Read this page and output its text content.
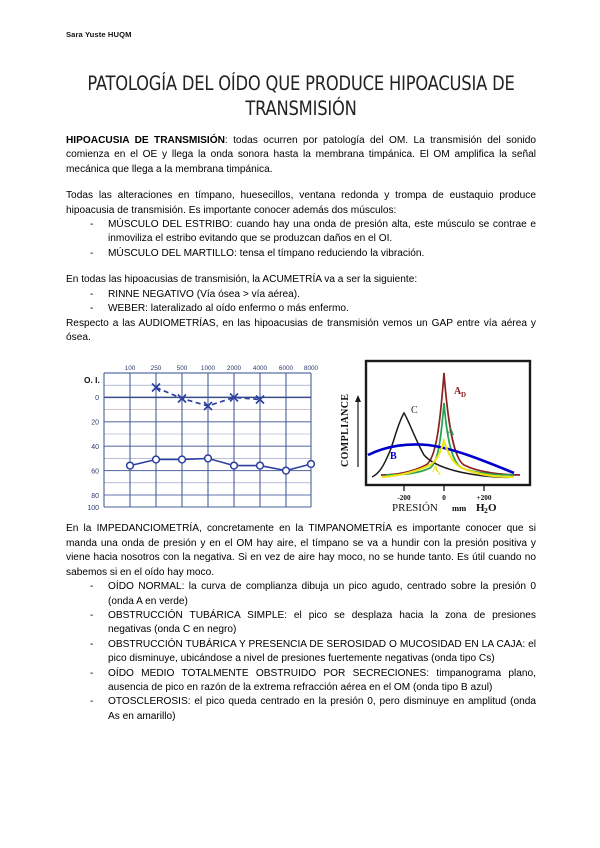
Sara Yuste HUQM
PATOLOGÍA DEL OÍDO QUE PRODUCE HIPOACUSIA DE TRANSMISIÓN

HIPOACUSIA DE TRANSMISIÓN: todas ocurren por patología del OM. La transmisión del sonido comienza en el OE y llega la onda sonora hasta la membrana timpánica. El OM amplifica la señal mecánica que llega a la membrana timpánica.

Todas las alteraciones en tímpano, huesecillos, ventana redonda y trompa de eustaquio produce hipoacusia de transmisión. Es importante conocer además dos músculos:

- MÚSCULO DEL ESTRIBO: cuando hay una onda de presión alta, este músculo se contrae e inmoviliza el estribo evitando que se produzcan daños en el OI.
- MÚSCULO DEL MARTILLO: tensa el tímpano reduciendo la vibración.

En todas las hipoacusias de transmisión, la ACUMETRÍA va a ser la siguiente:

- RINNE NEGATIVO (Vía ósea > vía aérea).
- WEBER: lateralizado al oído enfermo o más enfermo.

Respecto a las AUDIOMETRÍAS, en las hipoacusias de transmisión vemos un GAP entre vía aérea y ósea.

O. I.
100 250 500 1000 2000 4000 6000 8000
0
20
40
60
80
100
COMPLIANCE
A D
A
C
B
A s
-200	0	+200
PRESIÓN mm H 2 O

En la IMPEDANCIOMETRÍA, concretamente en la TIMPANOMETRÍA es importante conocer que si manda una onda de presión y en el OM hay aire, el tímpano se va a hundir con la presión positiva y viene hacia nosotros con la negativa. Si en vez de aire hay moco, no se hunde tanto. Es útil cuando no sabemos si en el oído hay moco.

- OÍDO NORMAL: la curva de complianza dibuja un pico agudo, centrado sobre la presión 0 (onda A en verde)
- OBSTRUCCIÓN TUBÁRICA SIMPLE: el pico se desplaza hacia la zona de presiones negativas (onda C en negro)
- OBSTRUCCIÓN TUBÁRICA Y PRESENCIA DE SEROSIDAD O MUCOSIDAD EN LA CAJA: el pico disminuye, ubicándose a nivel de presiones fuertemente negativas (onda tipo Cs)
- OÍDO MEDIO TOTALMENTE OBSTRUIDO POR SECRECIONES: timpanograma plano, ausencia de pico en razón de la extrema refracción aérea en el OM (onda tipo B azul)
- OTOSCLEROSIS: el pico queda centrado en la presión 0, pero disminuye en amplitud (onda As en amarillo)
